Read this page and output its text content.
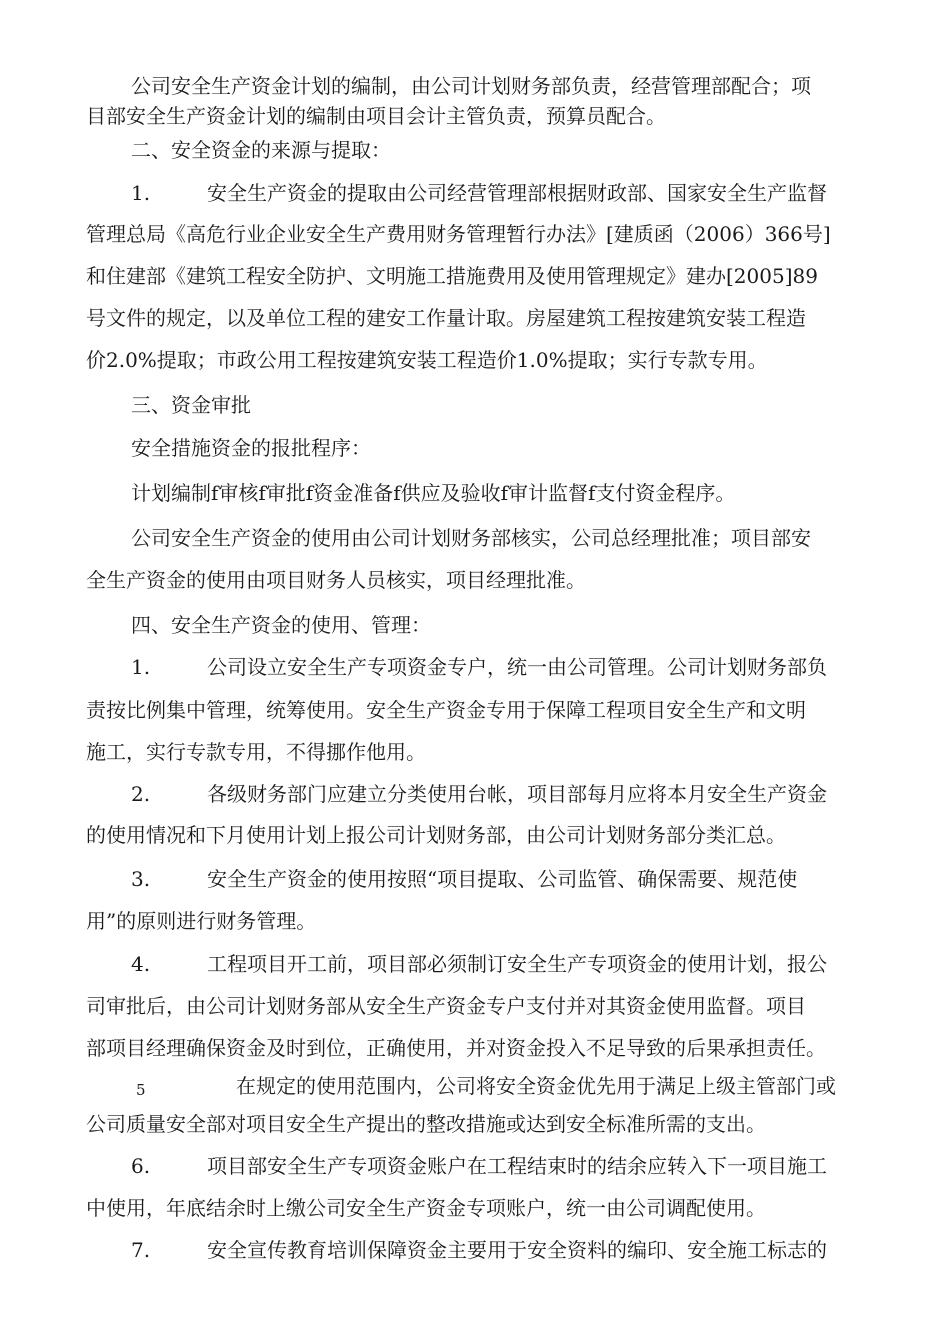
公司安全生产资金计划的编制，由公司计划财务部负责，经营管理部配合；项
目部安全生产资金计划的编制由项目会计主管负责，预算员配合。
二、安全资金的来源与提取：
1.	安全生产资金的提取由公司经营管理部根据财政部、国家安全生产监督
管理总局《高危行业企业安全生产费用财务管理暂行办法》[建质函（2006）366号]
和住建部《建筑工程安全防护、文明施工措施费用及使用管理规定》建办[2005]89
号文件的规定，以及单位工程的建安工作量计取。房屋建筑工程按建筑安装工程造
价2.0%提取；市政公用工程按建筑安装工程造价1.0%提取；实行专款专用。
三、资金审批
安全措施资金的报批程序：
计划编制f审核f审批f资金准备f供应及验收f审计监督f支付资金程序。
公司安全生产资金的使用由公司计划财务部核实，公司总经理批准；项目部安
全生产资金的使用由项目财务人员核实，项目经理批准。
四、安全生产资金的使用、管理：
1.	公司设立安全生产专项资金专户，统一由公司管理。公司计划财务部负
责按比例集中管理，统筹使用。安全生产资金专用于保障工程项目安全生产和文明
施工，实行专款专用，不得挪作他用。
2.	各级财务部门应建立分类使用台帐，项目部每月应将本月安全生产资金
的使用情况和下月使用计划上报公司计划财务部，由公司计划财务部分类汇总。
3.	安全生产资金的使用按照“项目提取、公司监管、确保需要、规范使
用”的原则进行财务管理。
4.	工程项目开工前，项目部必须制订安全生产专项资金的使用计划，报公
司审批后，由公司计划财务部从安全生产资金专户支付并对其资金使用监督。项目
部项目经理确保资金及时到位，正确使用，并对资金投入不足导致的后果承担责任。
5	在规定的使用范围内，公司将安全资金优先用于满足上级主管部门或
公司质量安全部对项目安全生产提出的整改措施或达到安全标准所需的支出。
6.	项目部安全生产专项资金账户在工程结束时的结余应转入下一项目施工
中使用，年底结余时上缴公司安全生产资金专项账户，统一由公司调配使用。
7.	安全宣传教育培训保障资金主要用于安全资料的编印、安全施工标志的
